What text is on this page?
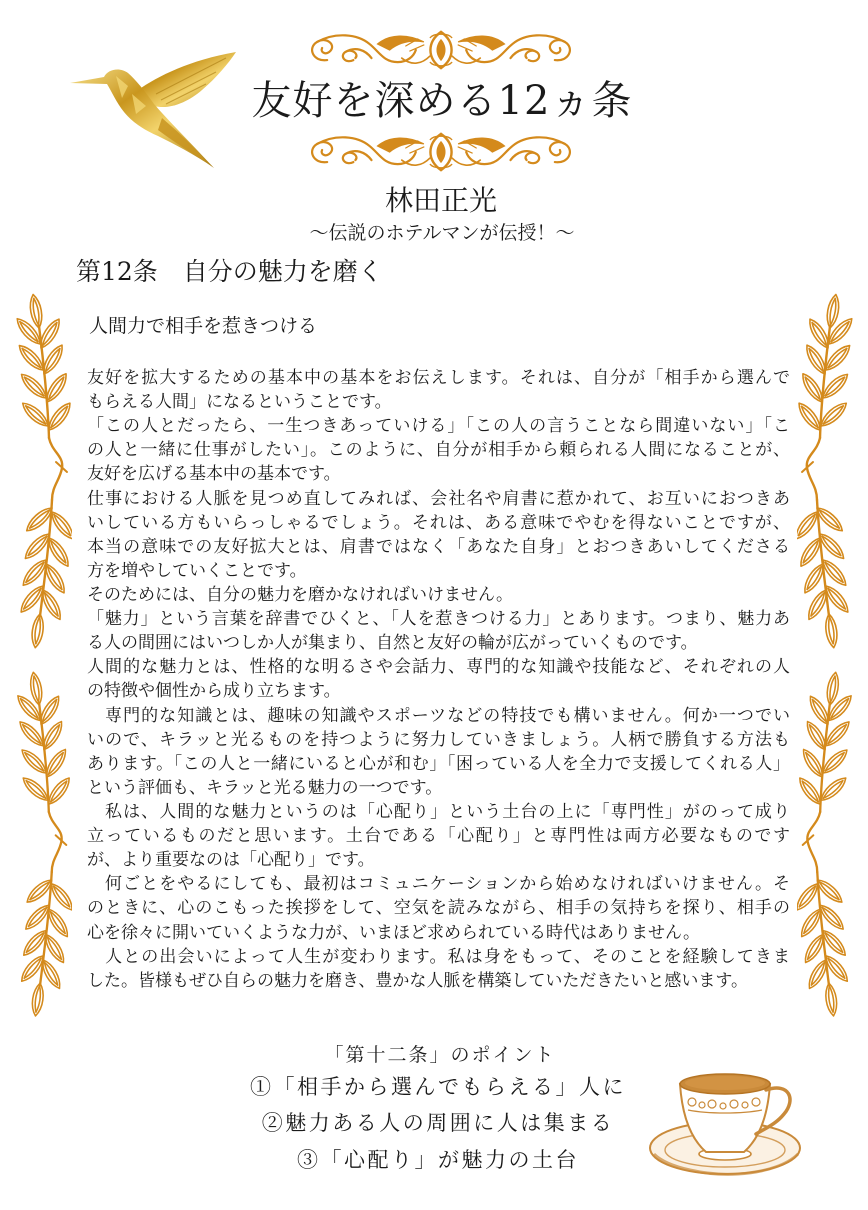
友好を深める12ヵ条
林田正光
～伝説のホテルマンが伝授！～
第12条　自分の魅力を磨く
人間力で相手を惹きつける
友好を拡大するための基本中の基本をお伝えします。それは、自分が「相手から選んで
もらえる人間」になるということです。
「この人とだったら、一生つきあっていける」「この人の言うことなら間違いない」「こ
の人と一緒に仕事がしたい」。このように、自分が相手から頼られる人間になることが、
友好を広げる基本中の基本です。
仕事における人脈を見つめ直してみれば、会社名や肩書に惹かれて、お互いにおつきあ
いしている方もいらっしゃるでしょう。それは、ある意味でやむを得ないことですが、
本当の意味での友好拡大とは、肩書ではなく「あなた自身」とおつきあいしてくださる
方を増やしていくことです。
そのためには、自分の魅力を磨かなければいけません。
「魅力」という言葉を辞書でひくと、「人を惹きつける力」とあります。つまり、魅力あ
る人の間囲にはいつしか人が集まり、自然と友好の輪が広がっていくものです。
人間的な魅力とは、性格的な明るさや会話力、専門的な知識や技能など、それぞれの人
の特徴や個性から成り立ちます。
　専門的な知識とは、趣味の知識やスポーツなどの特技でも構いません。何か一つでい
いので、キラッと光るものを持つように努力していきましょう。人柄で勝負する方法も
あります。「この人と一緒にいると心が和む」「困っている人を全力で支援してくれる人」
という評価も、キラッと光る魅力の一つです。
　私は、人間的な魅力というのは「心配り」という土台の上に「専門性」がのって成り
立っているものだと思います。土台である「心配り」と専門性は両方必要なものです
が、より重要なのは「心配り」です。
　何ごとをやるにしても、最初はコミュニケーションから始めなければいけません。そ
のときに、心のこもった挨拶をして、空気を読みながら、相手の気持ちを探り、相手の
心を徐々に開いていくような力が、いまほど求められている時代はありません。
　人との出会いによって人生が変わります。私は身をもって、そのことを経験してきま
した。皆様もぜひ自らの魅力を磨き、豊かな人脈を構築していただきたいと感います。
「第十二条」のポイント
①「相手から選んでもらえる」人に
②魅力ある人の周囲に人は集まる
③「心配り」が魅力の土台
